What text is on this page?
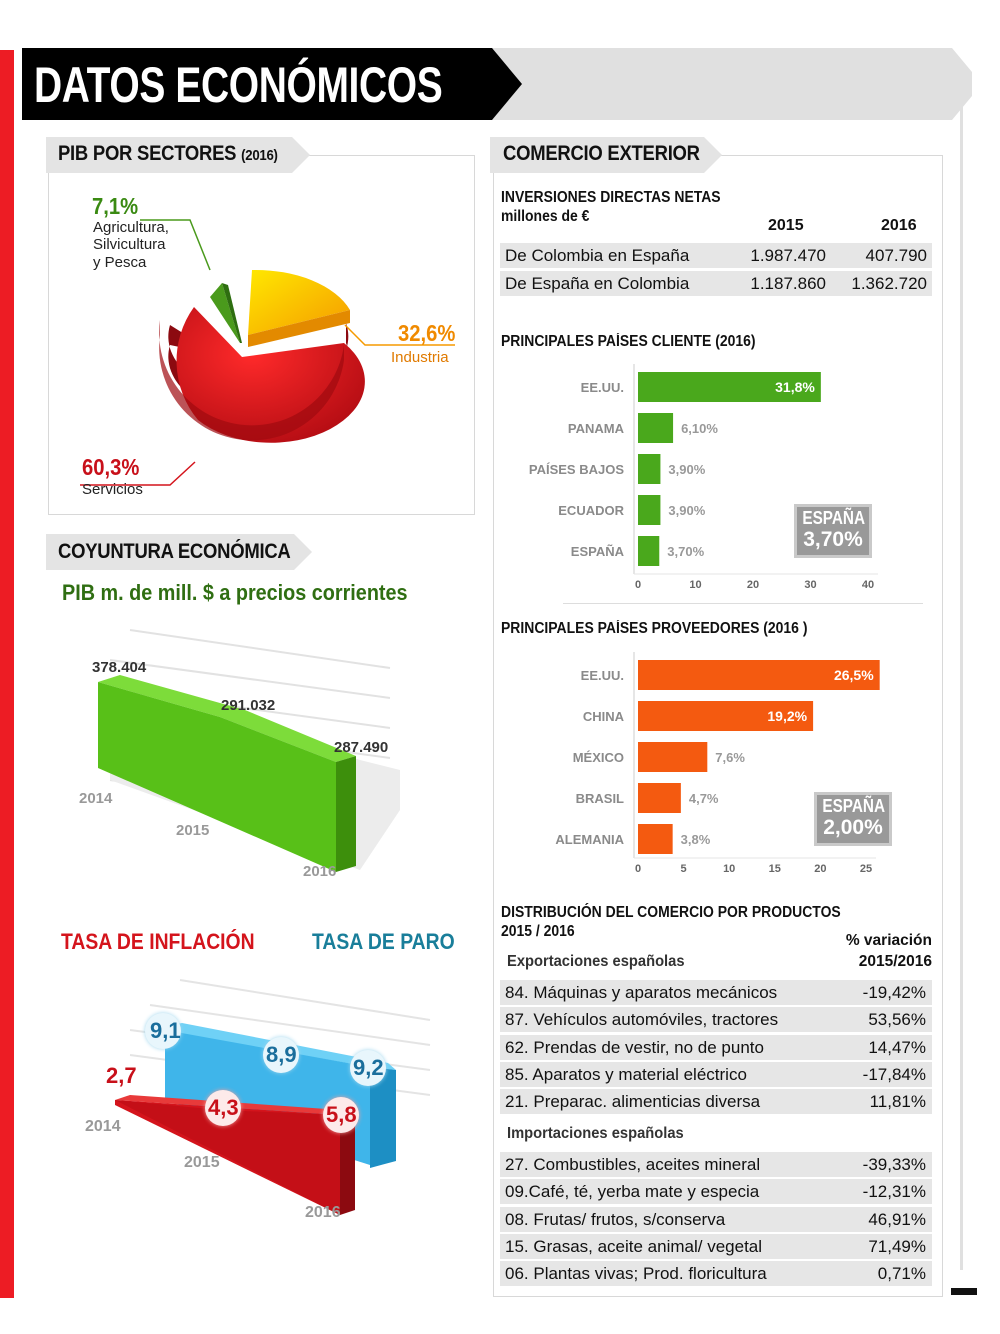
DATOS ECONÓMICOS
PIB POR SECTORES (2016)
7,1%
Agricultura,
Silvicultura
y Pesca
32,6%
Industria
60,3%
Servicios
COYUNTURA ECONÓMICA
PIB m. de mill. $ a precios corrientes
378.404
291.032
287.490
2014
2015
2016
TASA DE INFLACIÓN	TASA DE PARO
9,1
8,9
9,2
2,7
4,3	5,8
2014
2015
2016
COMERCIO EXTERIOR
INVERSIONES DIRECTAS NETAS
millones de €
2015	2016
De Colombia en España	1.987.470 407.790
De España en Colombia	1.187.860 1.362.720
PRINCIPALES PAÍSES CLIENTE (2016)
EE.UU.	31,8%
PANAMA	6,10%
PAÍSES BAJOS	3,90%
ECUADOR	3,90%
ESPAÑA	3,70%
0	10	20	30	40
ESPAÑA
3,70%
PRINCIPALES PAÍSES PROVEEDORES (2016 )
EE.UU.	26,5%
CHINA	19,2%
MÉXICO	7,6%
BRASIL	4,7%
ALEMANIA	3,8%
0	5	10	15	20	25
ESPAÑA
2,00%
DISTRIBUCIÓN DEL COMERCIO POR PRODUCTOS
2015 / 2016
% variación
2015/2016
Exportaciones españolas
84. Máquinas y aparatos mecánicos	-19,42%
87. Vehículos automóviles, tractores	53,56%
62. Prendas de vestir, no de punto	14,47%
85. Aparatos y material eléctrico	-17,84%
21. Preparac. alimenticias diversa	11,81%
Importaciones españolas
27. Combustibles, aceites mineral	-39,33%
09.Café, té, yerba mate y especia	-12,31%
08. Frutas/ frutos, s/conserva	46,91%
15. Grasas, aceite animal/ vegetal	71,49%
06. Plantas vivas; Prod. floricultura	0,71%
